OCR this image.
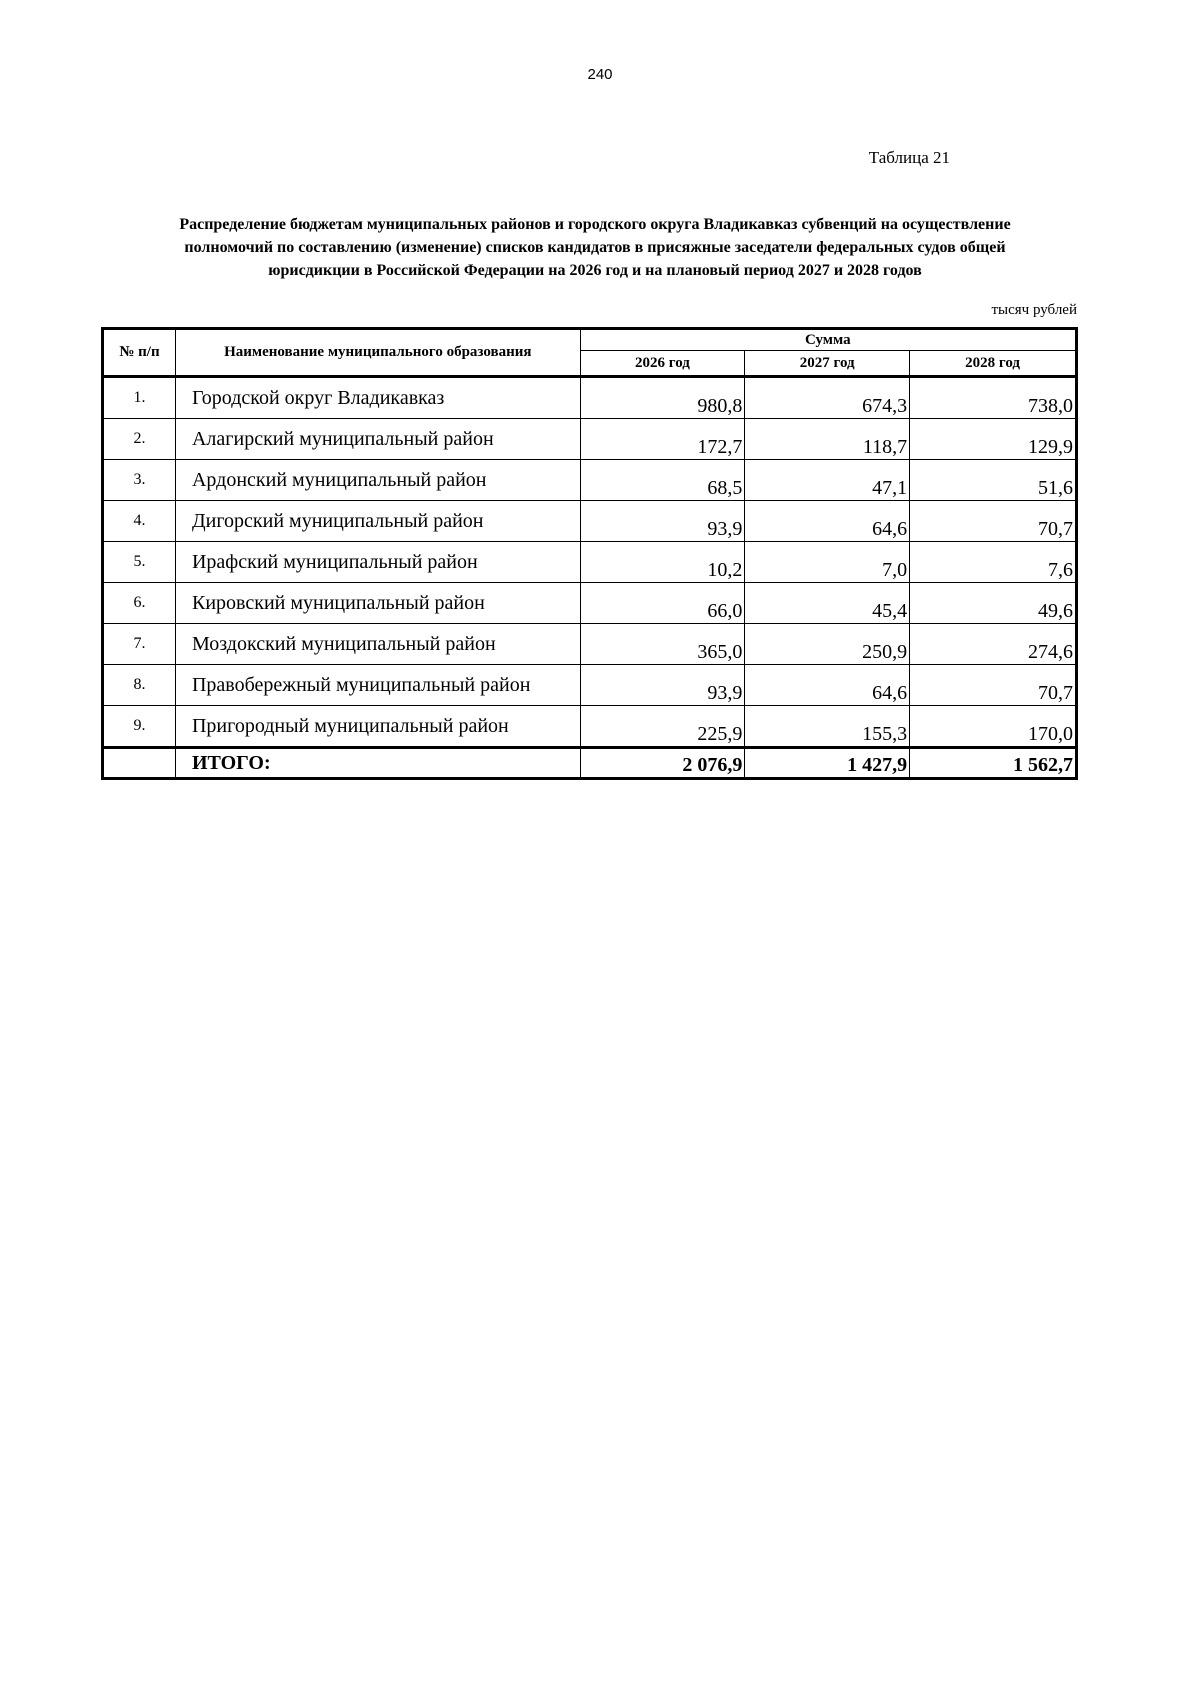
240
Таблица 21
Распределение бюджетам муниципальных районов и городского округа Владикавказ субвенций на осуществление
полномочий по составлению (изменение) списков кандидатов в присяжные заседатели федеральных судов общей
юрисдикции в Российской Федерации на 2026 год и на плановый период 2027 и 2028 годов
тысяч рублей
№ п/п	Наименование муниципального образования	Сумма		
		2026 год	2027 год	2028 год
1.	Городской округ Владикавказ	980,8	674,3	738,0
2.	Алагирский муниципальный район	172,7	118,7	129,9
3.	Ардонский муниципальный район	68,5	47,1	51,6
4.	Дигорский муниципальный район	93,9	64,6	70,7
5.	Ирафский муниципальный район	10,2	7,0	7,6
6.	Кировский муниципальный район	66,0	45,4	49,6
7.	Моздокский муниципальный район	365,0	250,9	274,6
8.	Правобережный муниципальный район	93,9	64,6	70,7
9.	Пригородный муниципальный район	225,9	155,3	170,0
	ИТОГО:	2 076,9	1 427,9	1 562,7
